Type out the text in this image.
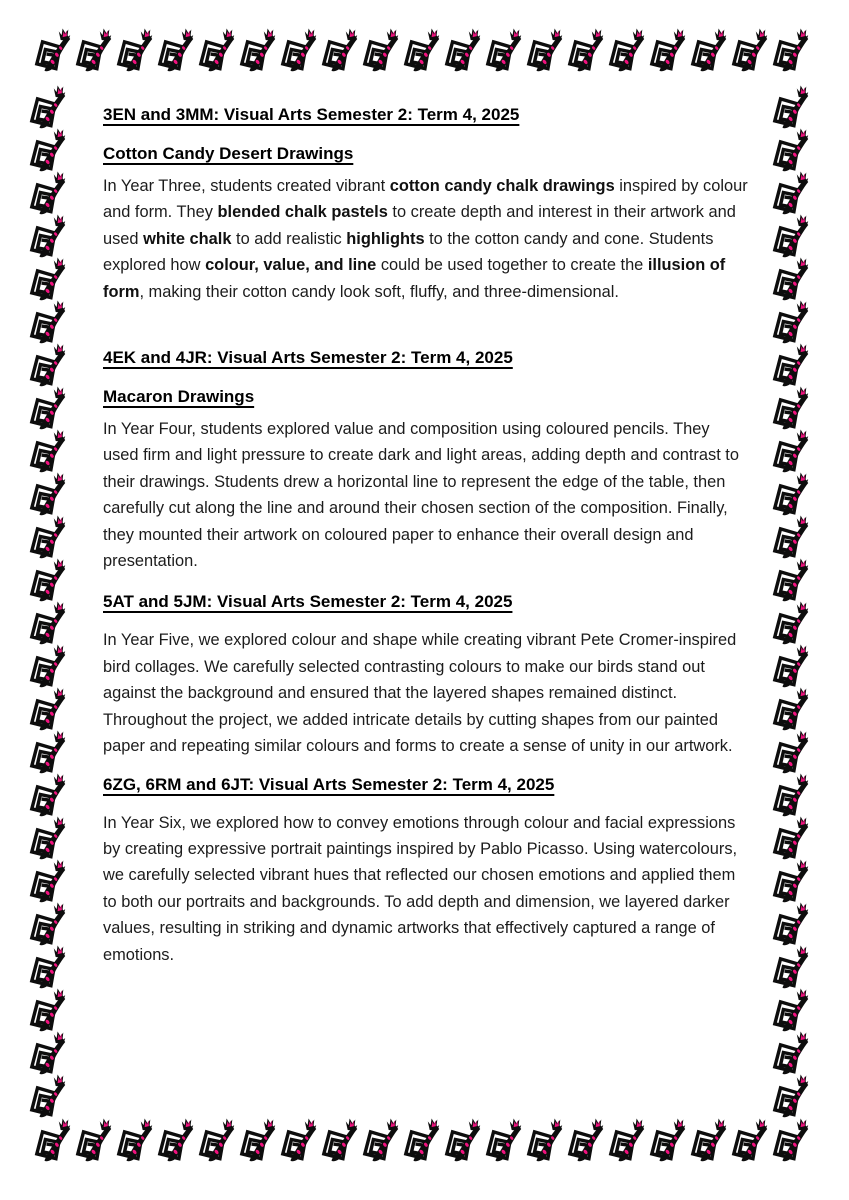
3EN and 3MM: Visual Arts Semester 2: Term 4, 2025
Cotton Candy Desert Drawings

In Year Three, students created vibrant cotton candy chalk drawings inspired by colour and form. They blended chalk pastels to create depth and interest in their artwork and used white chalk to add realistic highlights to the cotton candy and cone. Students explored how colour, value, and line could be used together to create the illusion of form, making their cotton candy look soft, fluffy, and three-dimensional.

4EK and 4JR: Visual Arts Semester 2: Term 4, 2025
Macaron Drawings

In Year Four, students explored value and composition using coloured pencils. They used firm and light pressure to create dark and light areas, adding depth and contrast to their drawings. Students drew a horizontal line to represent the edge of the table, then carefully cut along the line and around their chosen section of the composition. Finally, they mounted their artwork on coloured paper to enhance their overall design and presentation.

5AT and 5JM: Visual Arts Semester 2: Term 4, 2025

In Year Five, we explored colour and shape while creating vibrant Pete Cromer-inspired bird collages. We carefully selected contrasting colours to make our birds stand out against the background and ensured that the layered shapes remained distinct. Throughout the project, we added intricate details by cutting shapes from our painted paper and repeating similar colours and forms to create a sense of unity in our artwork.

6ZG, 6RM and 6JT: Visual Arts Semester 2: Term 4, 2025

In Year Six, we explored how to convey emotions through colour and facial expressions by creating expressive portrait paintings inspired by Pablo Picasso. Using watercolours, we carefully selected vibrant hues that reflected our chosen emotions and applied them to both our portraits and backgrounds. To add depth and dimension, we layered darker values, resulting in striking and dynamic artworks that effectively captured a range of emotions.
